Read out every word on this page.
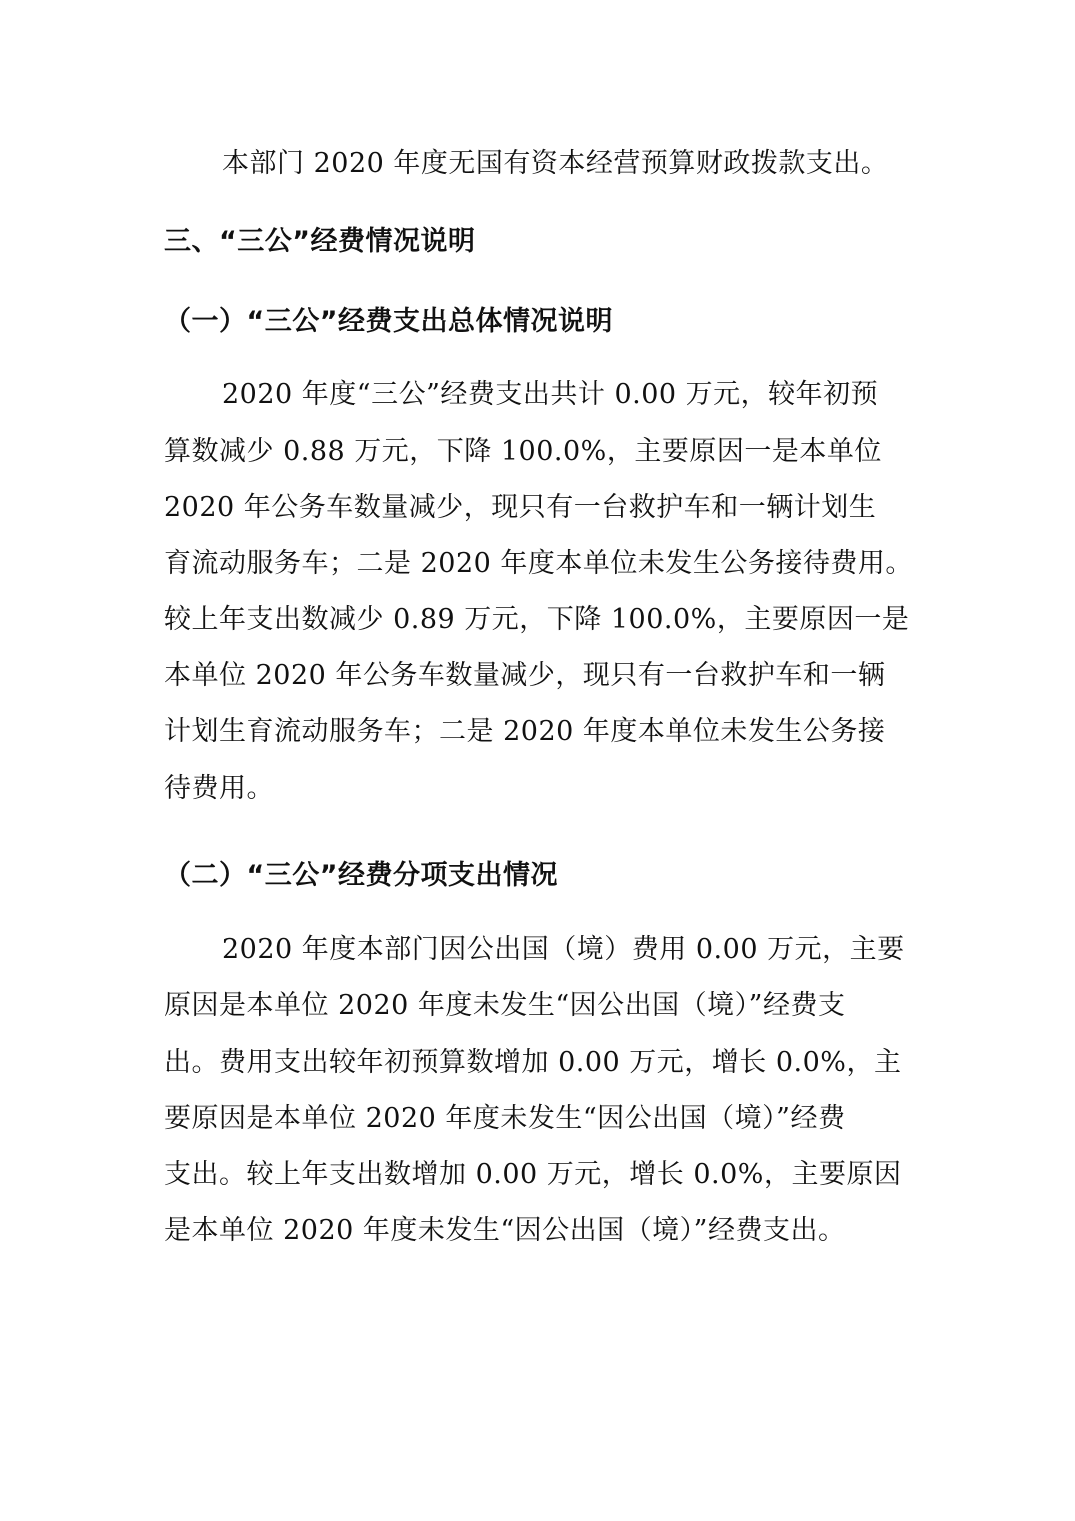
本部门 2020 年度无国有资本经营预算财政拨款支出。
三、“三公”经费情况说明
（一）“三公”经费支出总体情况说明
2020 年度“三公”经费支出共计 0.00 万元，较年初预
算数减少 0.88 万元，下降 100.0%，主要原因一是本单位
2020 年公务车数量减少，现只有一台救护车和一辆计划生
育流动服务车；二是 2020 年度本单位未发生公务接待费用。
较上年支出数减少 0.89 万元，下降 100.0%，主要原因一是
本单位 2020 年公务车数量减少，现只有一台救护车和一辆
计划生育流动服务车；二是 2020 年度本单位未发生公务接
待费用。
（二）“三公”经费分项支出情况
2020 年度本部门因公出国（境）费用 0.00 万元，主要
原因是本单位 2020 年度未发生“因公出国（境）”经费支
出。费用支出较年初预算数增加 0.00 万元，增长 0.0%，主
要原因是本单位 2020 年度未发生“因公出国（境）”经费
支出。较上年支出数增加 0.00 万元，增长 0.0%，主要原因
是本单位 2020 年度未发生“因公出国（境）”经费支出。
